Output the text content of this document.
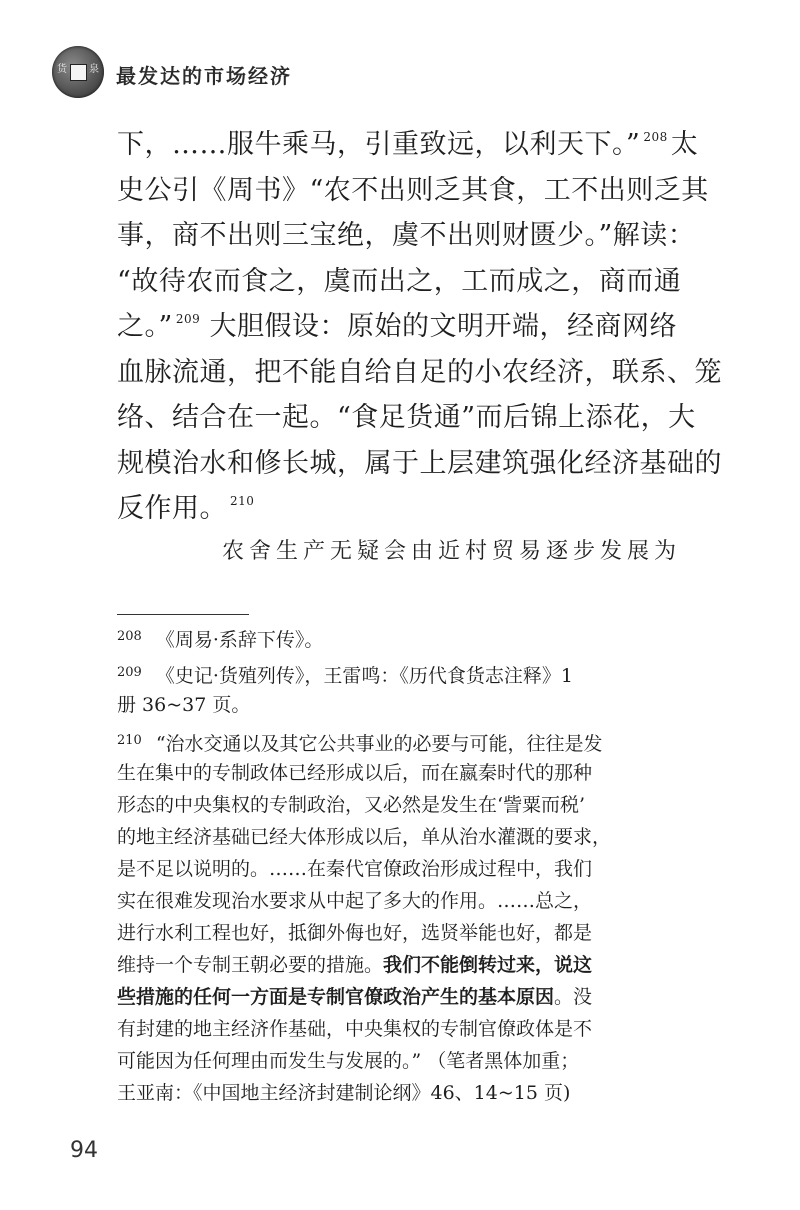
货 泉 最发达的市场经济
下，……服牛乘马，引重致远，以利天下。” $^{208}$ 太
史公引《周书》“农不出则乏其食，工不出则乏其
事，商不出则三宝绝，虞不出则财匮少。”解读：
“故待农而食之，虞而出之，工而成之，商而通
之。” $^{209}$ 大胆假设：原始的文明开端，经商网络
血脉流通，把不能自给自足的小农经济，联系、笼
络、结合在一起。“食足货通”而后锦上添花，大
规模治水和修长城，属于上层建筑强化经济基础的
反作用。 $^{210}$
农舍生产无疑会由近村贸易逐步发展为
$^{208}$ 《周易·系辞下传》。
$^{209}$ 《史记·货殖列传》，王雷鸣：《历代食货志注释》1
册 36~37 页。
$^{210}$ “治水交通以及其它公共事业的必要与可能，往往是发
生在集中的专制政体已经形成以后，而在嬴秦时代的那种
形态的中央集权的专制政治，又必然是发生在‘訾粟而税’
的地主经济基础已经大体形成以后，单从治水灌溉的要求，
是不足以说明的。……在秦代官僚政治形成过程中，我们
实在很难发现治水要求从中起了多大的作用。……总之，
进行水利工程也好，抵御外侮也好，选贤举能也好，都是
维持一个专制王朝必要的措施。我们不能倒转过来，说这
些措施的任何一方面是专制官僚政治产生的基本原因。没
有封建的地主经济作基础，中央集权的专制官僚政体是不
可能因为任何理由而发生与发展的。” （笔者黑体加重；
王亚南：《中国地主经济封建制论纲》46、14~15 页)
94
